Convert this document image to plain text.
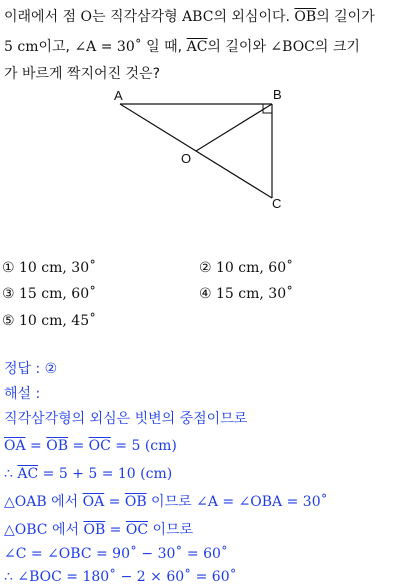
이래에서 점 O는 직각삼각형 ABC의 외심이다. $\overline{OB}$의 길이가
5 cm이고, ∠A = 30˚ 일 때, $\overline{AC}$의 길이와 ∠BOC의 크기
가 바르게 짝지어진 것은?
A	B
O
C
① 10 cm, 30˚	② 10 cm, 60˚
③ 15 cm, 60˚	④ 15 cm, 30˚
⑤ 10 cm, 45˚
정답 : ②
해설 :
직각삼각형의 외심은 빗변의 중점이므로
$\overline{OA} = \overline{OB} = \overline{OC} = 5$ (cm)
∴ $\overline{AC} = 5 + 5 = 10$ (cm)
△OAB 에서 $\overline{OA} = \overline{OB}$ 이므로 ∠A = ∠OBA = 30˚
△OBC 에서 $\overline{OB} = \overline{OC}$ 이므로
∠C = ∠OBC = 90˚ − 30˚ = 60˚
∴ ∠BOC = 180˚ − 2 × 60˚ = 60˚
